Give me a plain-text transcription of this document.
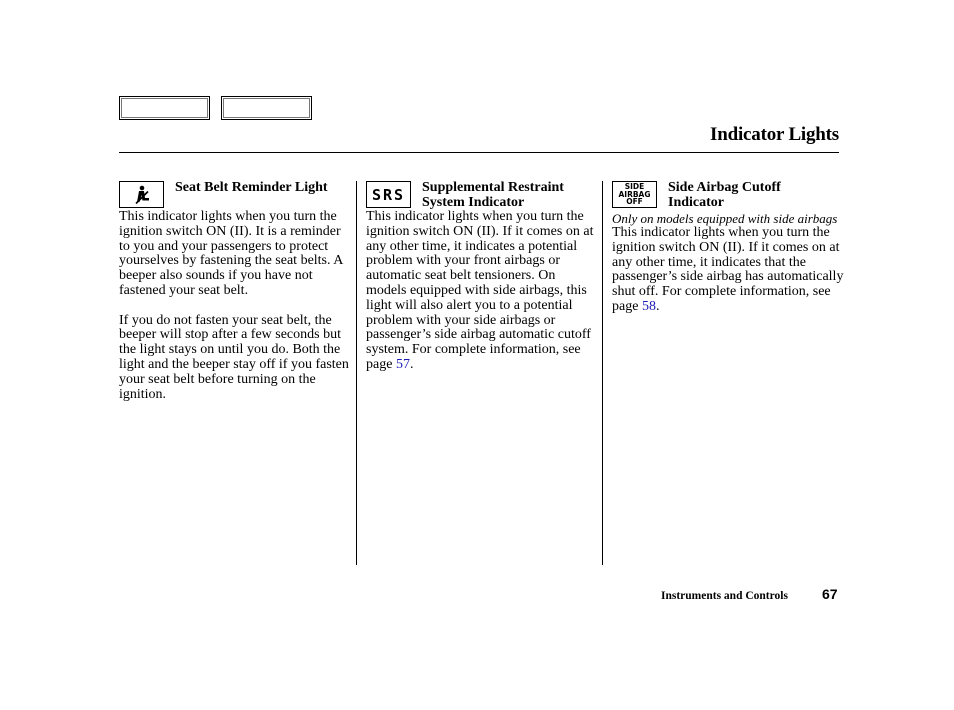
Indicator Lights
Seat Belt Reminder Light

This indicator lights when you turn the ignition switch ON (II). It is a reminder to you and your passengers to protect yourselves by fastening the seat belts. A beeper also sounds if you have not fastened your seat belt.

If you do not fasten your seat belt, the beeper will stop after a few seconds but the light stays on until you do. Both the light and the beeper stay off if you fasten your seat belt before turning on the ignition.

SRS Supplemental Restraint System Indicator

This indicator lights when you turn the ignition switch ON (II). If it comes on at any other time, it indicates a potential problem with your front airbags or automatic seat belt tensioners. On models equipped with side airbags, this light will also alert you to a potential problem with your side airbags or passenger’s side airbag automatic cutoff system. For complete information, see page 57.

SIDE
AIRBAG
OFF
Side Airbag Cutoff Indicator
Only on models equipped with side airbags

This indicator lights when you turn the ignition switch ON (II). If it comes on at any other time, it indicates that the passenger’s side airbag has automatically shut off. For complete information, see page 58.

Instruments and Controls 67
